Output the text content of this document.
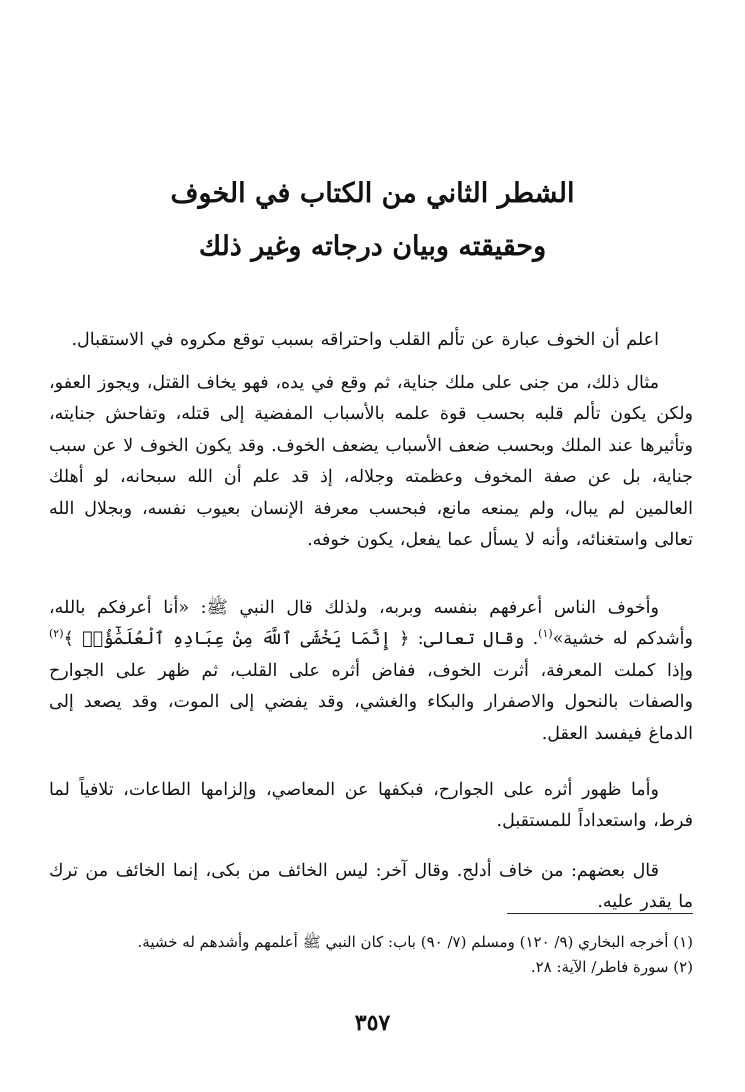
الشطر الثاني من الكتاب في الخوف
وحقيقته وبيان درجاته وغير ذلك

اعلم أن الخوف عبارة عن تألم القلب واحتراقه بسبب توقع مكروه في الاستقبال.

مثال ذلك، من جنى على ملك جناية، ثم وقع في يده، فهو يخاف القتل، ويجوز العفو، ولكن يكون تألم قلبه بحسب قوة علمه بالأسباب المفضية إلى قتله، وتفاحش جنايته، وتأثيرها عند الملك وبحسب ضعف الأسباب يضعف الخوف. وقد يكون الخوف لا عن سبب جناية، بل عن صفة المخوف وعظمته وجلاله، إذ قد علم أن الله سبحانه، لو أهلك العالمين لم يبال، ولم يمنعه مانع، فبحسب معرفة الإنسان بعيوب نفسه، وبجلال الله تعالى واستغنائه، وأنه لا يسأل عما يفعل، يكون خوفه.

وأخوف الناس أعرفهم بنفسه وبربه، ولذلك قال النبي ﷺ: «أنا أعرفكم بالله، وأشدكم له خشية»$^{(١)}$. وقال تعالى: ﴿ إِنَّمَا يَخْشَى ٱللَّهَ مِنْ عِبَادِهِ ٱلْعُلَمَٰٓؤُا۟ ﴾$^{(٢)}$ وإذا كملت المعرفة، أثرت الخوف، ففاض أثره على القلب، ثم ظهر على الجوارح والصفات بالنحول والاصفرار والبكاء والغشي، وقد يفضي إلى الموت، وقد يصعد إلى الدماغ فيفسد العقل.

وأما ظهور أثره على الجوارح، فبكفها عن المعاصي، وإلزامها الطاعات، تلافياً لما فرط، واستعداداً للمستقبل.

قال بعضهم: من خاف أدلج. وقال آخر: ليس الخائف من بكى، إنما الخائف من ترك ما يقدر عليه.

(١) أخرجه البخاري (٩/ ١٢٠) ومسلم (٧/ ٩٠) باب: كان النبي ﷺ أعلمهم وأشدهم له خشية.
(٢) سورة فاطر/ الآية: ٢٨.
٣٥٧
